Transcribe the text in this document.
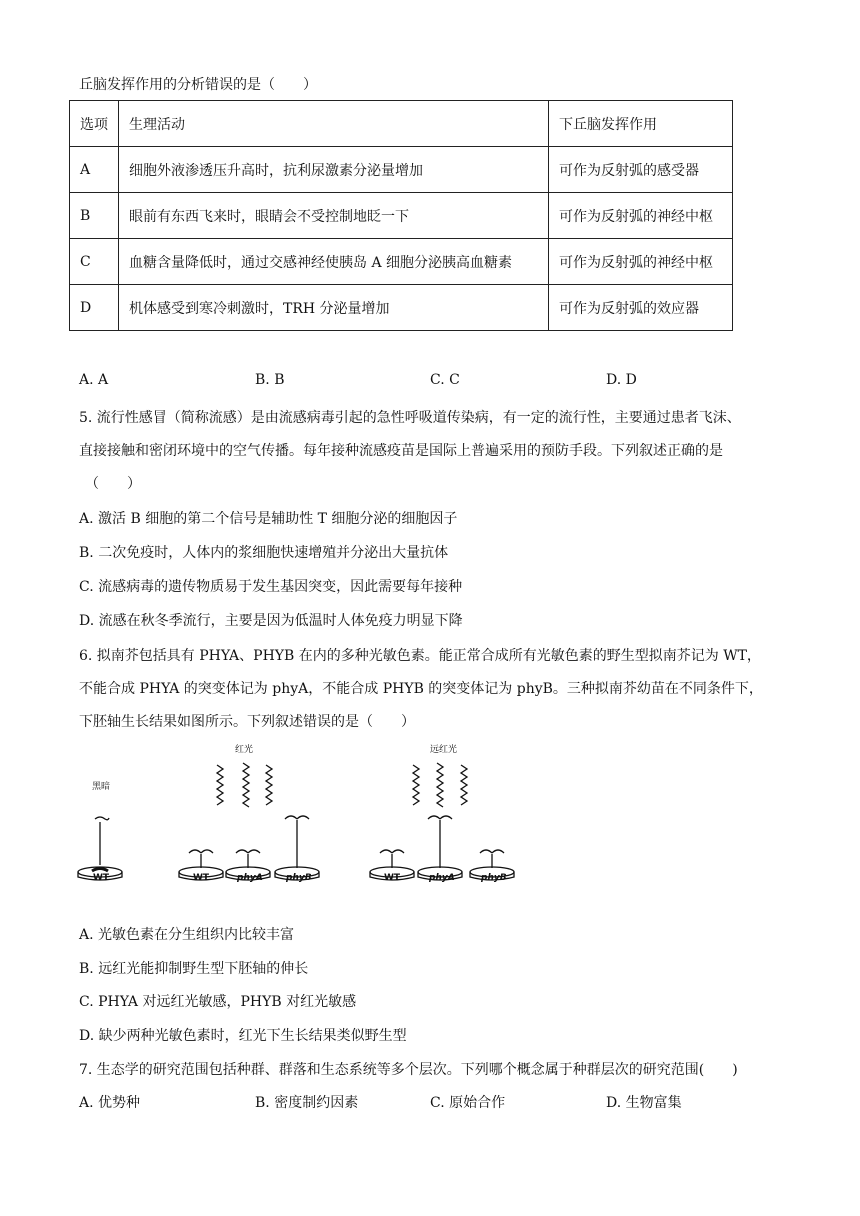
丘脑发挥作用的分析错误的是（　　）
选项	生理活动	下丘脑发挥作用
A	细胞外液渗透压升高时，抗利尿激素分泌量增加	可作为反射弧的感受器
B	眼前有东西飞来时，眼睛会不受控制地眨一下	可作为反射弧的神经中枢
C	血糖含量降低时，通过交感神经使胰岛 A 细胞分泌胰高血糖素	可作为反射弧的神经中枢
D	机体感受到寒冷刺激时，TRH 分泌量增加	可作为反射弧的效应器
A. A	B. B	C. C	D. D
5. 流行性感冒（简称流感）是由流感病毒引起的急性呼吸道传染病，有一定的流行性，主要通过患者飞沫、
直接接触和密闭环境中的空气传播。每年接种流感疫苗是国际上普遍采用的预防手段。下列叙述正确的是
（　　）
A. 激活 B 细胞的第二个信号是辅助性 T 细胞分泌的细胞因子
B. 二次免疫时，人体内的浆细胞快速增殖并分泌出大量抗体
C. 流感病毒的遗传物质易于发生基因突变，因此需要每年接种
D. 流感在秋冬季流行，主要是因为低温时人体免疫力明显下降
6. 拟南芥包括具有 PHYA、PHYB 在内的多种光敏色素。能正常合成所有光敏色素的野生型拟南芥记为 WT，
不能合成 PHYA 的突变体记为 phyA，不能合成 PHYB 的突变体记为 phyB。三种拟南芥幼苗在不同条件下，
下胚轴生长结果如图所示。下列叙述错误的是（　　）
黑暗
红光	远红光
WT	WT	phyA	phyB	WT	phyA	phyB
A. 光敏色素在分生组织内比较丰富
B. 远红光能抑制野生型下胚轴的伸长
C. PHYA 对远红光敏感，PHYB 对红光敏感
D. 缺少两种光敏色素时，红光下生长结果类似野生型
7. 生态学的研究范围包括种群、群落和生态系统等多个层次。下列哪个概念属于种群层次的研究范围(　　)
A. 优势种	B. 密度制约因素	C. 原始合作	D. 生物富集
